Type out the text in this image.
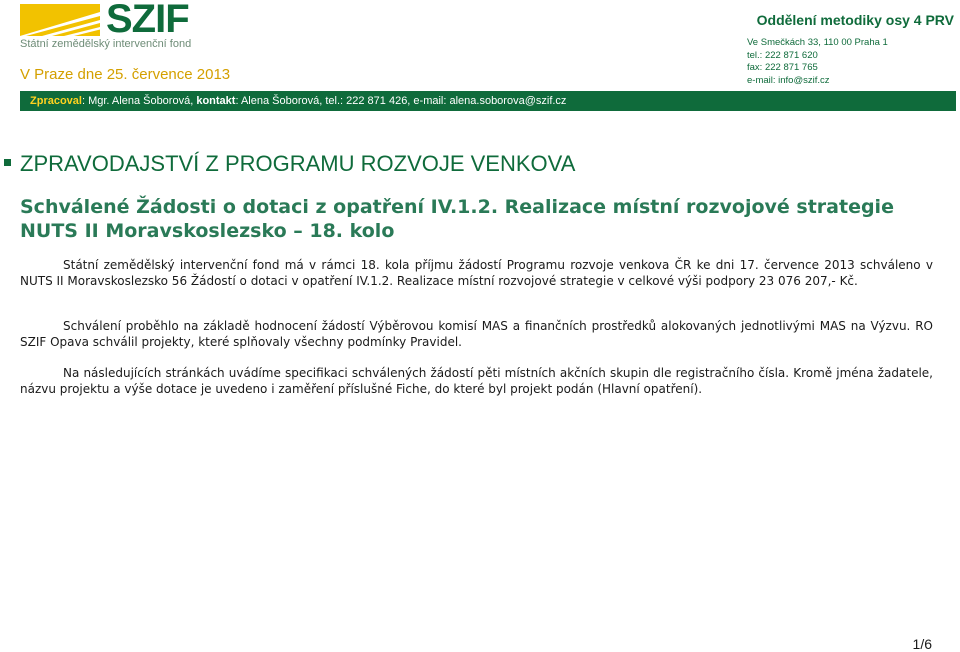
SZIF
Státní zemědělský intervenční fond
V Praze dne 25. července 2013
Oddělení metodiky osy 4 PRV
Ve Smečkách 33, 110 00 Praha 1
tel.: 222 871 620
fax: 222 871 765
e-mail: info@szif.cz
Zpracoval: Mgr. Alena Šoborová, kontakt: Alena Šoborová, tel.: 222 871 426, e-mail: alena.soborova@szif.cz
ZPRAVODAJSTVÍ Z PROGRAMU ROZVOJE VENKOVA
Schválené Žádosti o dotaci z opatření IV.1.2. Realizace místní rozvojové strategie NUTS II Moravskoslezsko – 18. kolo
Státní zemědělský intervenční fond má v rámci 18. kola příjmu žádostí Programu rozvoje venkova ČR ke dni 17. července 2013 schváleno v NUTS II Moravskoslezsko 56 Žádostí o dotaci v opatření IV.1.2. Realizace místní rozvojové strategie v celkové výši podpory 23 076 207,- Kč.
Schválení proběhlo na základě hodnocení žádostí Výběrovou komisí MAS a finančních prostředků alokovaných jednotlivými MAS na Výzvu. RO SZIF Opava schválil projekty, které splňovaly všechny podmínky Pravidel.
Na následujících stránkách uvádíme specifikaci schválených žádostí pěti místních akčních skupin dle registračního čísla. Kromě jména žadatele, názvu projektu a výše dotace je uvedeno i zaměření příslušné Fiche, do které byl projekt podán (Hlavní opatření).
1/6
